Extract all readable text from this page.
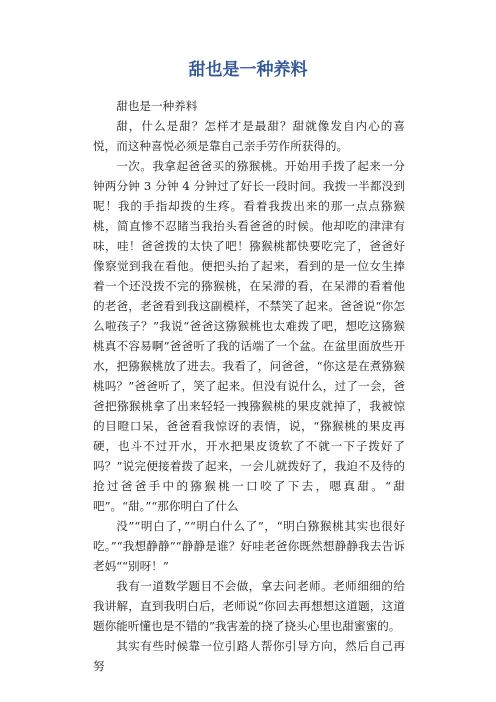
甜也是一种养料

甜也是一种养料

甜，什么是甜？怎样才是最甜？甜就像发自内心的喜悦，而这种喜悦必须是靠自己亲手劳作所获得的。

一次。我拿起爸爸买的猕猴桃。开始用手拨了起来一分钟两分钟 3 分钟 4 分钟过了好长一段时间。我拨一半都没到呢！我的手指却拨的生疼。看着我拨出来的那一点点猕猴桃，简直惨不忍睹当我抬头看爸爸的时候。他却吃的津津有味，哇！爸爸拨的太快了吧！猕猴桃都快要吃完了，爸爸好像察觉到我在看他。便把头抬了起来，看到的是一位女生捧着一个还没拨不完的猕猴桃，在呆滞的看，在呆滞的看着他的老爸，老爸看到我这副模样，不禁笑了起来。爸爸说“你怎么啦孩子？”我说“爸爸这猕猴桃也太难拨了吧，想吃这猕猴桃真不容易啊”爸爸听了我的话端了一个盆。在盆里面放些开水，把猕猴桃放了进去。我看了，问爸爸，“你这是在煮猕猴桃吗？”爸爸听了，笑了起来。但没有说什么，过了一会，爸爸把猕猴桃拿了出来轻轻一拽猕猴桃的果皮就掉了，我被惊的目瞪口呆，爸爸看我惊讶的表情，说，“猕猴桃的果皮再硬，也斗不过开水，开水把果皮烫软了不就一下子拨好了吗？”说完便接着拨了起来，一会儿就拨好了，我迫不及待的抢过爸爸手中的猕猴桃一口咬了下去，嗯真甜。“甜吧”。“甜。”“那你明白了什么

没”“明白了，”“明白什么了”，“明白猕猴桃其实也很好吃。”“我想静静”“静静是谁？好哇老爸你既然想静静我去告诉老妈““别呀！”

我有一道数学题目不会做，拿去问老师。老师细细的给我讲解，直到我明白后，老师说“你回去再想想这道题，这道题你能听懂也是不错的”我害羞的挠了挠头心里也甜蜜蜜的。

其实有些时候靠一位引路人帮你引导方向，然后自己再努
